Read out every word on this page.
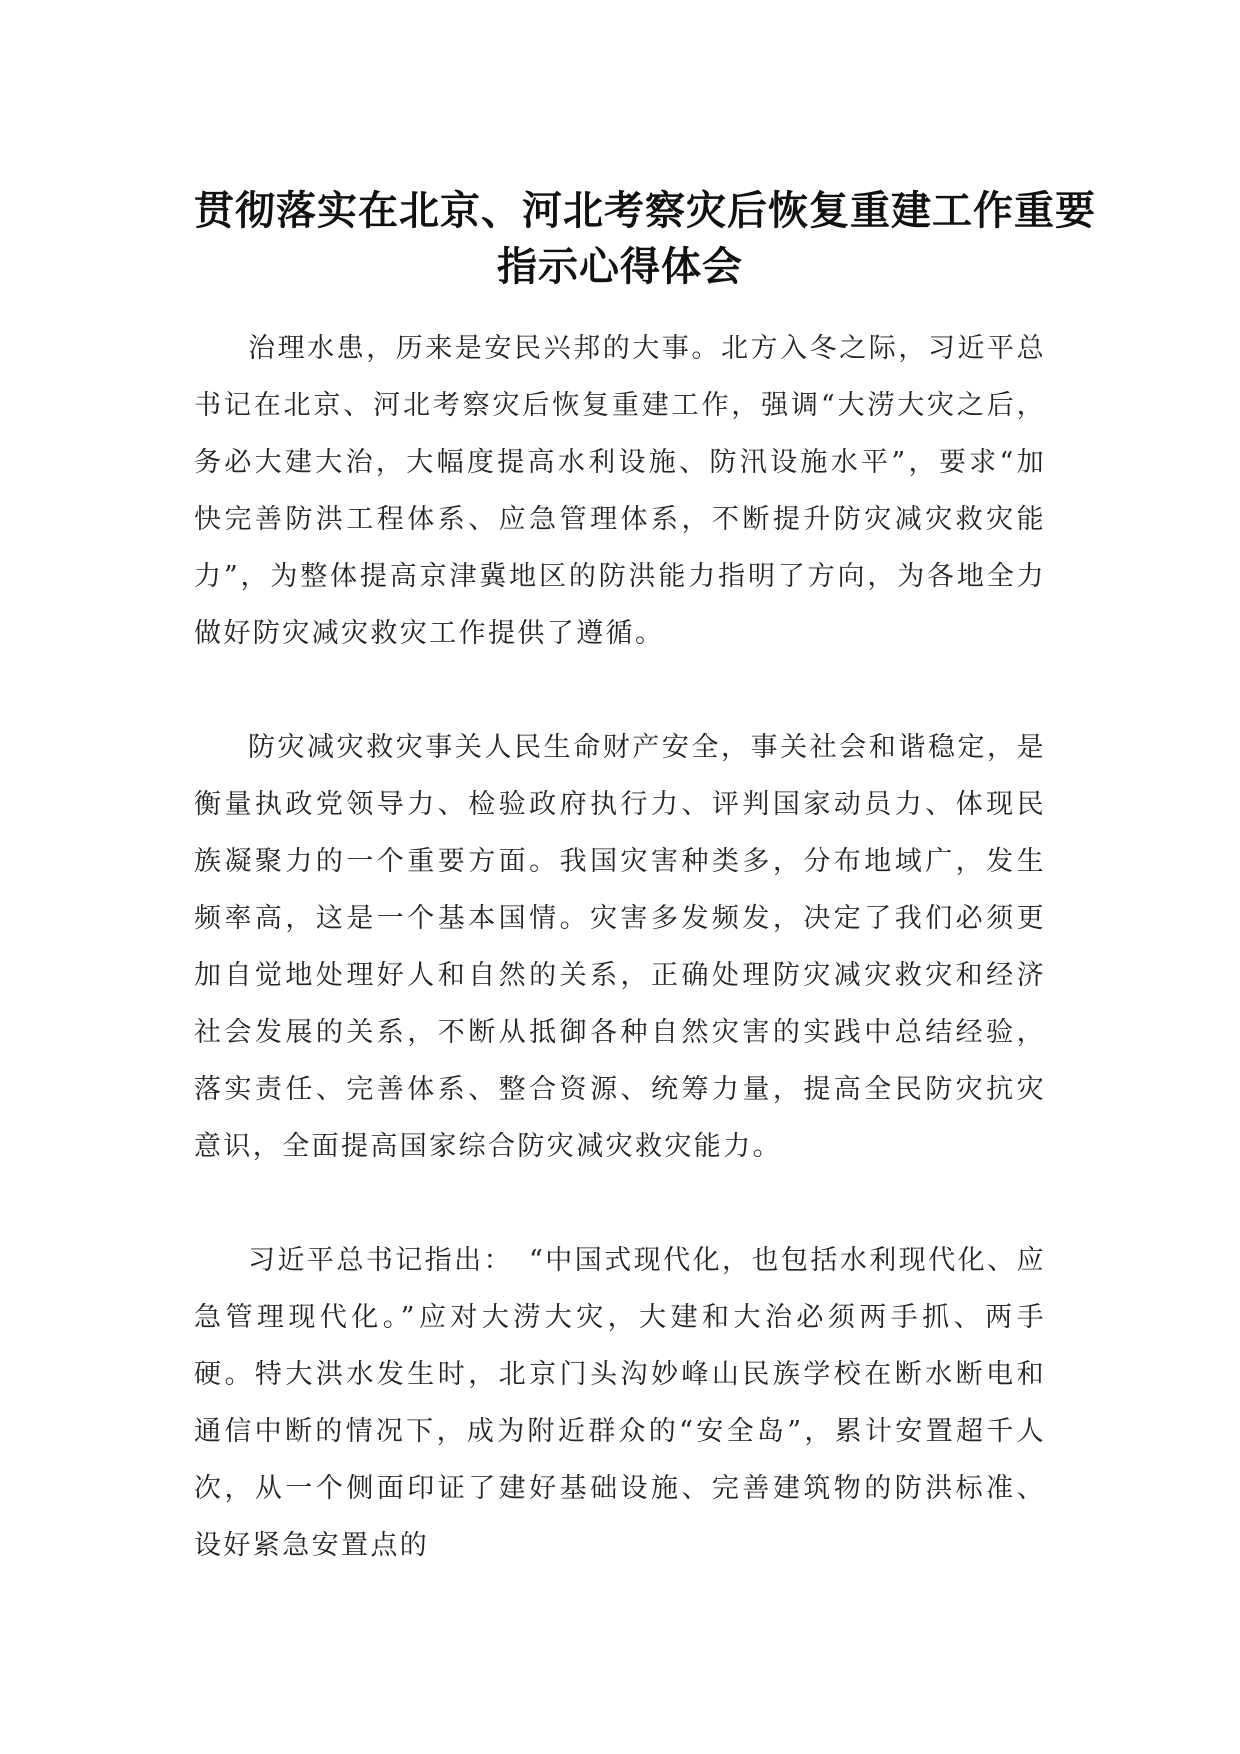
贯彻落实在北京、河北考察灾后恢复重建工作重要
指示心得体会

治理水患，历来是安民兴邦的大事。北方入冬之际，习近平总书记在北京、河北考察灾后恢复重建工作，强调“大涝大灾之后，务必大建大治，大幅度提高水利设施、防汛设施水平”，要求“加快完善防洪工程体系、应急管理体系，不断提升防灾减灾救灾能力”，为整体提高京津冀地区的防洪能力指明了方向，为各地全力做好防灾减灾救灾工作提供了遵循。

防灾减灾救灾事关人民生命财产安全，事关社会和谐稳定，是衡量执政党领导力、检验政府执行力、评判国家动员力、体现民族凝聚力的一个重要方面。我国灾害种类多，分布地域广，发生频率高，这是一个基本国情。灾害多发频发，决定了我们必须更加自觉地处理好人和自然的关系，正确处理防灾减灾救灾和经济社会发展的关系，不断从抵御各种自然灾害的实践中总结经验，落实责任、完善体系、整合资源、统筹力量，提高全民防灾抗灾意识，全面提高国家综合防灾减灾救灾能力。

习近平总书记指出：　“中国式现代化，也包括水利现代化、应急管理现代化。”应对大涝大灾，大建和大治必须两手抓、两手硬。特大洪水发生时，北京门头沟妙峰山民族学校在断水断电和通信中断的情况下，成为附近群众的“安全岛”，累计安置超千人次，从一个侧面印证了建好基础设施、完善建筑物的防洪标准、设好紧急安置点的
